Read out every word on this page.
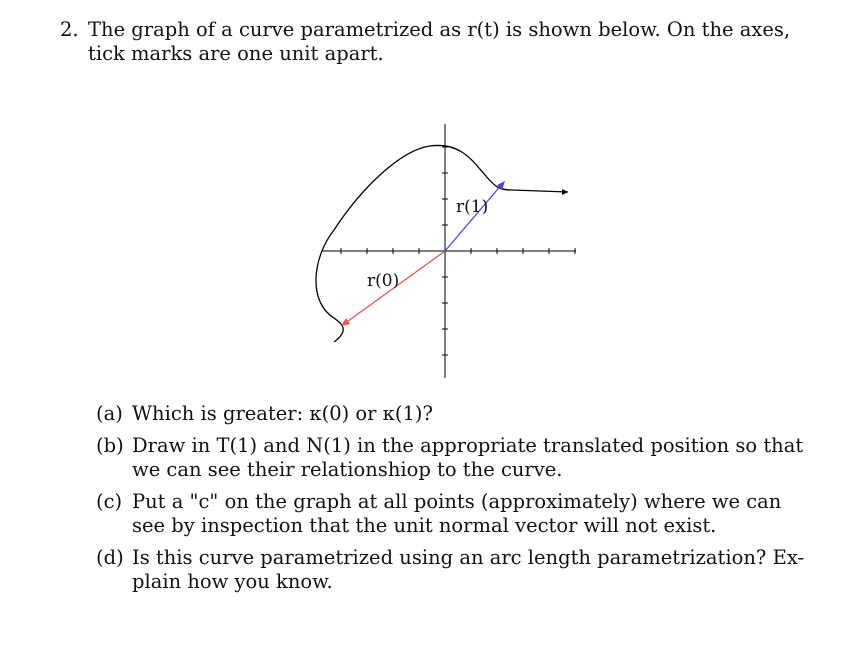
2. The graph of a curve parametrized as r(t) is shown below. On the axes,
tick marks are one unit apart.
r(0)
r(1)
(a) Which is greater: κ(0) or κ(1)?
(b) Draw in T(1) and N(1) in the appropriate translated position so that
we can see their relationshiop to the curve.
(c) Put a "c" on the graph at all points (approximately) where we can
see by inspection that the unit normal vector will not exist.
(d) Is this curve parametrized using an arc length parametrization? Ex-
plain how you know.
